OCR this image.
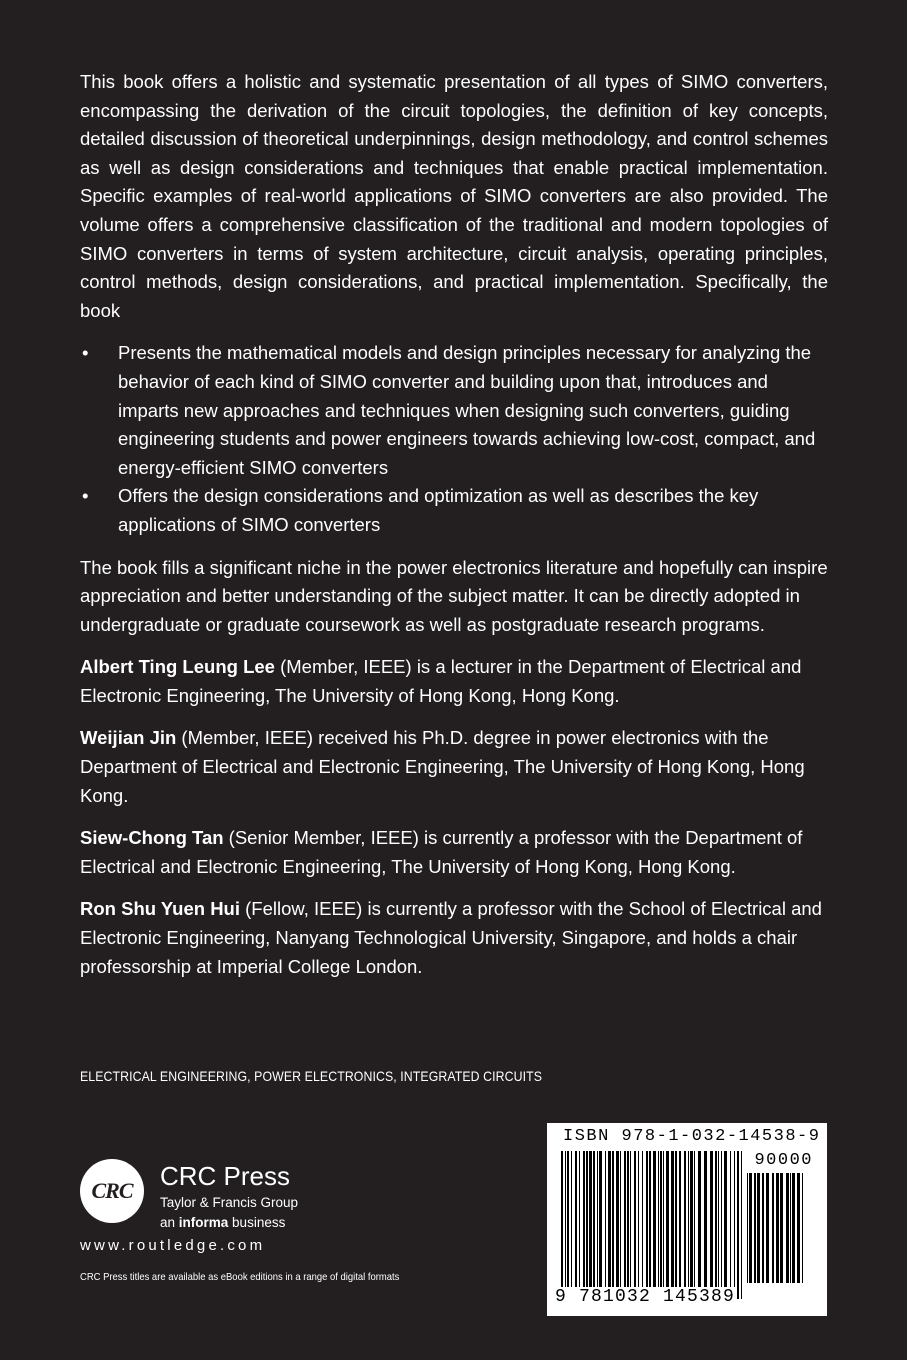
This book offers a holistic and systematic presentation of all types of SIMO converters, encompassing the derivation of the circuit topologies, the definition of key concepts, detailed discussion of theoretical underpinnings, design methodology, and control schemes as well as design considerations and techniques that enable practical implementation. Specific examples of real-world applications of SIMO converters are also provided. The volume offers a comprehensive classification of the traditional and modern topologies of SIMO converters in terms of system architecture, circuit analysis, operating principles, control methods, design considerations, and practical implementation. Specifically, the book

• Presents the mathematical models and design principles necessary for analyzing the behavior of each kind of SIMO converter and building upon that, introduces and imparts new approaches and techniques when designing such converters, guiding engineering students and power engineers towards achieving low-cost, compact, and energy-efficient SIMO converters
• Offers the design considerations and optimization as well as describes the key applications of SIMO converters

The book fills a significant niche in the power electronics literature and hopefully can inspire appreciation and better understanding of the subject matter. It can be directly adopted in undergraduate or graduate coursework as well as postgraduate research programs.

Albert Ting Leung Lee (Member, IEEE) is a lecturer in the Department of Electrical and Electronic Engineering, The University of Hong Kong, Hong Kong.

Weijian Jin (Member, IEEE) received his Ph.D. degree in power electronics with the Department of Electrical and Electronic Engineering, The University of Hong Kong, Hong Kong.

Siew-Chong Tan (Senior Member, IEEE) is currently a professor with the Department of Electrical and Electronic Engineering, The University of Hong Kong, Hong Kong.

Ron Shu Yuen Hui (Fellow, IEEE) is currently a professor with the School of Electrical and Electronic Engineering, Nanyang Technological University, Singapore, and holds a chair professorship at Imperial College London.

ELECTRICAL ENGINEERING, POWER ELECTRONICS, INTEGRATED CIRCUITS
CRC	CRC Press
Taylor & Francis Group
an informa business
www.routledge.com
CRC Press titles are available as eBook editions in a range of digital formats
ISBN 978-1-032-14538-9
90000
9 781032 145389
